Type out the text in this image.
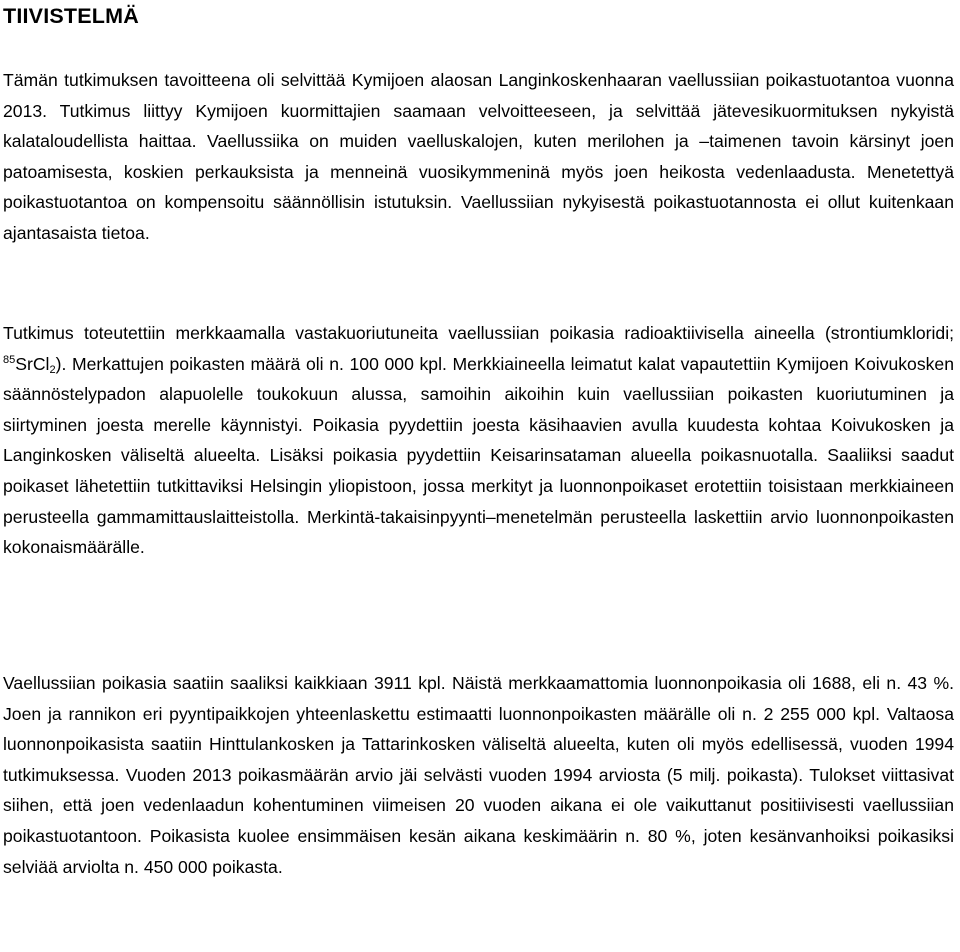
TIIVISTELMÄ

Tämän tutkimuksen tavoitteena oli selvittää Kymijoen alaosan Langinkoskenhaaran vaellussiian poikastuotantoa vuonna 2013. Tutkimus liittyy Kymijoen kuormittajien saamaan velvoitteeseen, ja selvittää jätevesikuormituksen nykyistä kalataloudellista haittaa. Vaellussiika on muiden vaelluskalojen, kuten merilohen ja –taimenen tavoin kärsinyt joen patoamisesta, koskien perkauksista ja menneinä vuosikymmeninä myös joen heikosta vedenlaadusta. Menetettyä poikastuotantoa on kompensoitu säännöllisin istutuksin. Vaellussiian nykyisestä poikastuotannosta ei ollut kuitenkaan ajantasaista tietoa.

Tutkimus toteutettiin merkkaamalla vastakuoriutuneita vaellussiian poikasia radioaktiivisella aineella (strontiumkloridi; $^{85}$SrCl$_2$). Merkattujen poikasten määrä oli n. 100 000 kpl. Merkkiaineella leimatut kalat vapautettiin Kymijoen Koivukosken säännöstelypadon alapuolelle toukokuun alussa, samoihin aikoihin kuin vaellussiian poikasten kuoriutuminen ja siirtyminen joesta merelle käynnistyi. Poikasia pyydettiin joesta käsihaavien avulla kuudesta kohtaa Koivukosken ja Langinkosken väliseltä alueelta. Lisäksi poikasia pyydettiin Keisarinsataman alueella poikasnuotalla. Saaliiksi saadut poikaset lähetettiin tutkittaviksi Helsingin yliopistoon, jossa merkityt ja luonnonpoikaset erotettiin toisistaan merkkiaineen perusteella gammamittauslaitteistolla. Merkintä-takaisinpyynti–menetelmän perusteella laskettiin arvio luonnonpoikasten kokonaismäärälle.

Vaellussiian poikasia saatiin saaliksi kaikkiaan 3911 kpl. Näistä merkkaamattomia luonnonpoikasia oli 1688, eli n. 43 %. Joen ja rannikon eri pyyntipaikkojen yhteenlaskettu estimaatti luonnonpoikasten määrälle oli n. 2 255 000 kpl. Valtaosa luonnonpoikasista saatiin Hinttulankosken ja Tattarinkosken väliseltä alueelta, kuten oli myös edellisessä, vuoden 1994 tutkimuksessa. Vuoden 2013 poikasmäärän arvio jäi selvästi vuoden 1994 arviosta (5 milj. poikasta). Tulokset viittasivat siihen, että joen vedenlaadun kohentuminen viimeisen 20 vuoden aikana ei ole vaikuttanut positiivisesti vaellussiian poikastuotantoon. Poikasista kuolee ensimmäisen kesän aikana keskimäärin n. 80 %, joten kesänvanhoiksi poikasiksi selviää arviolta n. 450 000 poikasta.
